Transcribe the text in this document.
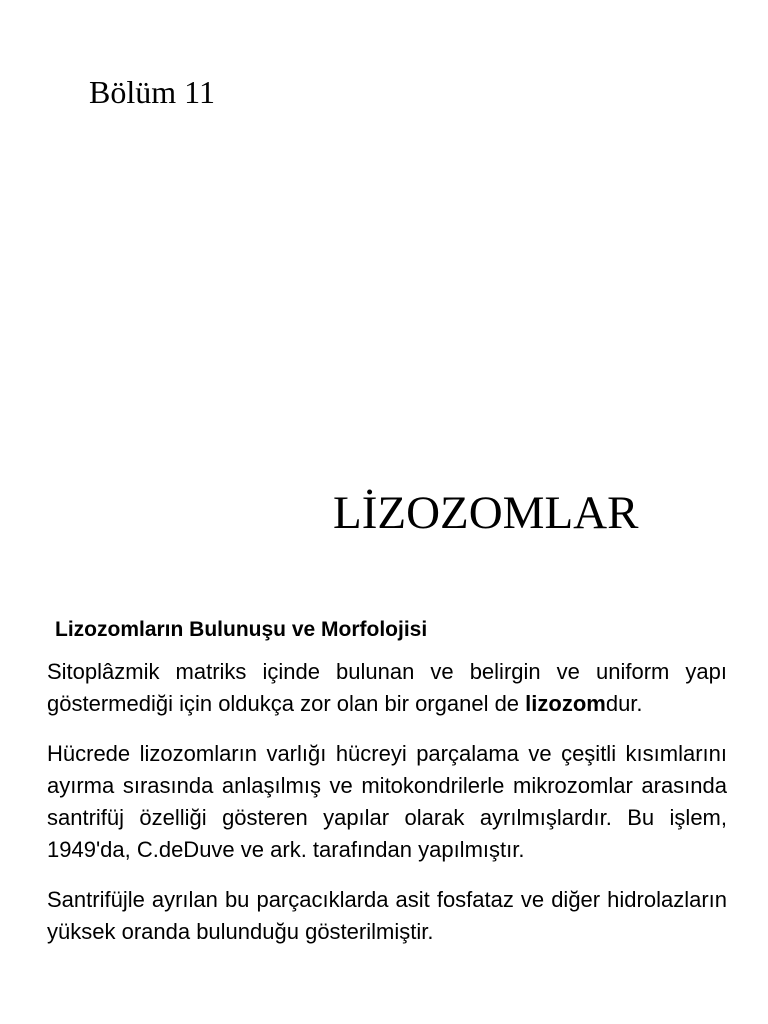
Bölüm 11
LİZOZOMLAR
Lizozomların Bulunuşu ve Morfolojisi

Sitoplâzmik matriks içinde bulunan ve belirgin ve uniform yapı göstermediği için oldukça zor olan bir organel de lizozomdur.

Hücrede lizozomların varlığı hücreyi parçalama ve çeşitli kısımlarını ayırma sırasında anlaşılmış ve mitokondrilerle mikrozomlar arasında santrifüj özelliği gösteren yapılar olarak ayrılmışlardır. Bu işlem, 1949'da, C.deDuve ve ark. tarafından yapılmıştır.

Santrifüjle ayrılan bu parçacıklarda asit fosfataz ve diğer hidrolazların yüksek oranda bulunduğu gösterilmiştir.
